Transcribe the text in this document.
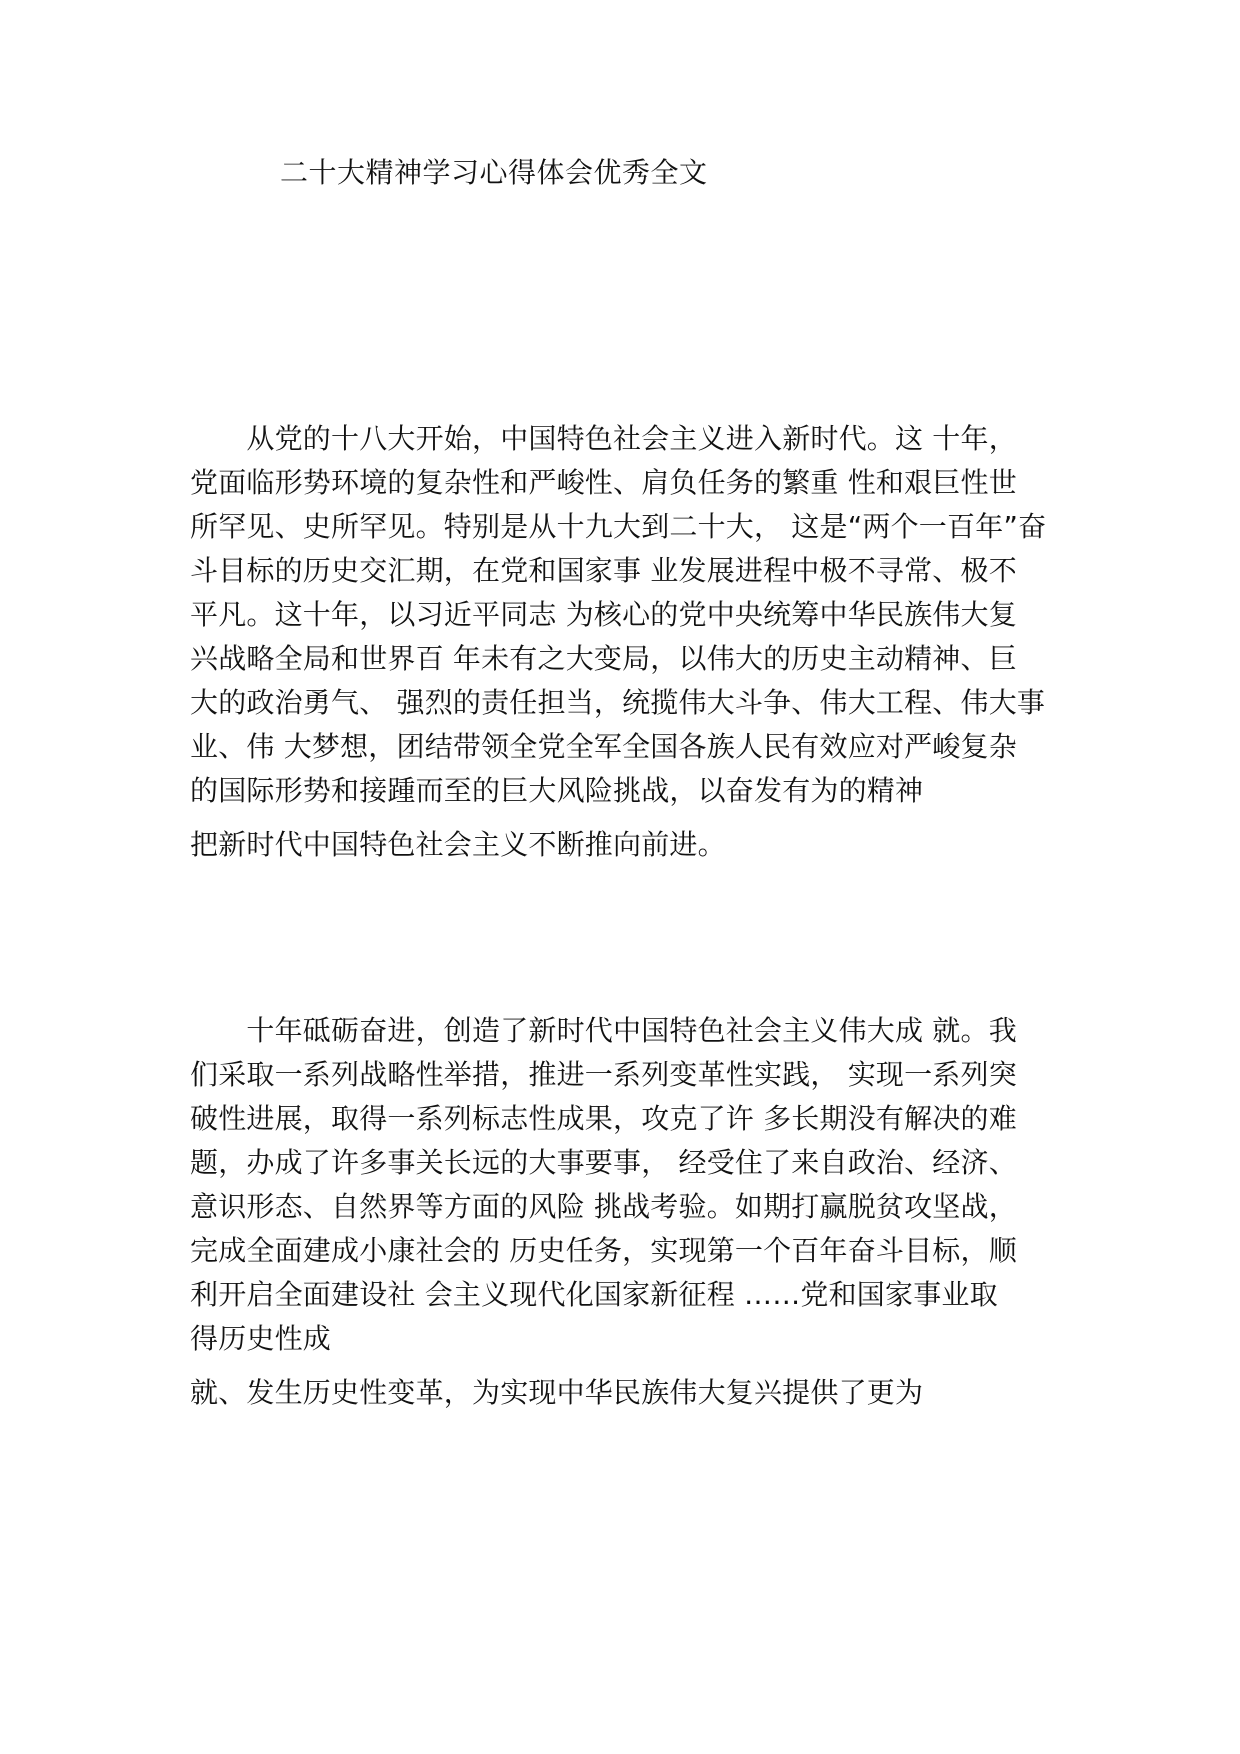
二十大精神学习心得体会优秀全文
　　从党的十八大开始，中国特色社会主义进入新时代。这 十年，
党面临形势环境的复杂性和严峻性、肩负任务的繁重 性和艰巨性世
所罕见、史所罕见。特别是从十九大到二十大， 这是“两个一百年”奋
斗目标的历史交汇期，在党和国家事 业发展进程中极不寻常、极不
平凡。这十年，以习近平同志 为核心的党中央统筹中华民族伟大复
兴战略全局和世界百 年未有之大变局，以伟大的历史主动精神、巨
大的政治勇气、 强烈的责任担当，统揽伟大斗争、伟大工程、伟大事
业、伟 大梦想，团结带领全党全军全国各族人民有效应对严峻复杂
的国际形势和接踵而至的巨大风险挑战，以奋发有为的精神
把新时代中国特色社会主义不断推向前进。
　　十年砥砺奋进，创造了新时代中国特色社会主义伟大成 就。我
们采取一系列战略性举措，推进一系列变革性实践， 实现一系列突
破性进展，取得一系列标志性成果，攻克了许 多长期没有解决的难
题，办成了许多事关长远的大事要事， 经受住了来自政治、经济、
意识形态、自然界等方面的风险 挑战考验。如期打赢脱贫攻坚战，
完成全面建成小康社会的 历史任务，实现第一个百年奋斗目标，顺
利开启全面建设社 会主义现代化国家新征程 ……党和国家事业取
得历史性成
就、发生历史性变革，为实现中华民族伟大复兴提供了更为
